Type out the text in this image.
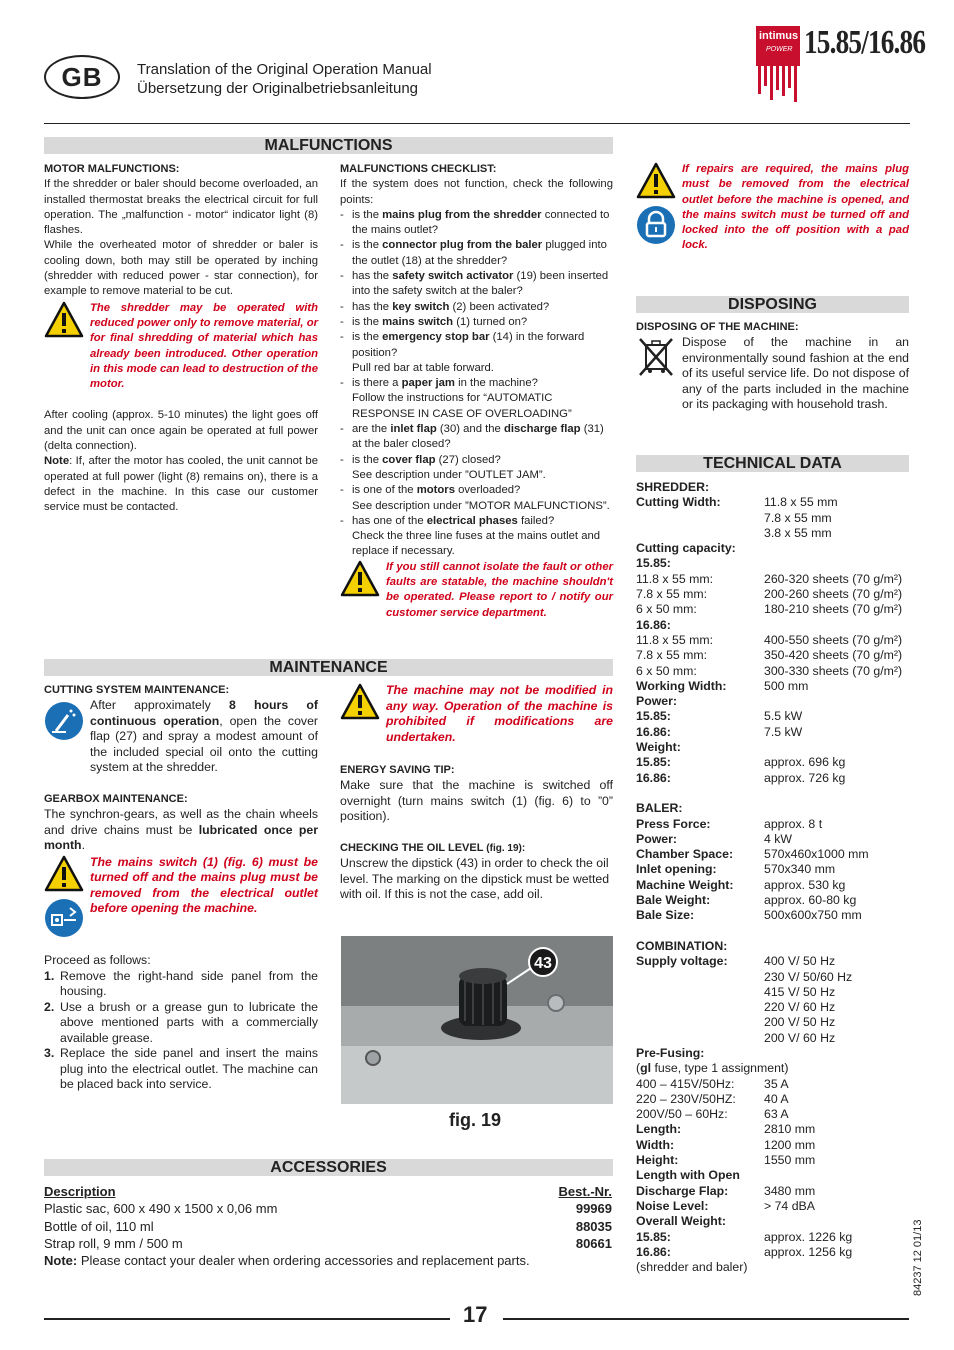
GB	Translation of the Original Operation Manual
Übersetzung der Originalbetriebsanleitung
intimus
POWER 15.85/16.86
MALFUNCTIONS

MOTOR MALFUNCTIONS:

If the shredder or baler should become overloaded, an installed thermostat breaks the electrical circuit for full operation. The „malfunction - motor“ indicator light (8) flashes.

While the overheated motor of shredder or baler is cooling down, both may still be operated by inching (shredder with reduced power - star connection), for example to remove material to be cut.

The shredder may be operated with reduced power only to remove material, or for final shredding of material which has already been introduced. Other operation in this mode can lead to destruction of the motor.

After cooling (approx. 5-10 minutes) the light goes off and the unit can once again be operated at full power (delta connection).

Note: If, after the motor has cooled, the unit cannot be operated at full power (light (8) remains on), there is a defect in the machine. In this case our customer service must be contacted.

MALFUNCTIONS CHECKLIST:

If the system does not function, check the following points:

- is the mains plug from the shredder connected to the mains outlet?
- is the connector plug from the baler plugged into the outlet (18) at the shredder?
- has the safety switch activator (19) been inserted into the safety switch at the baler?
- has the key switch (2) been activated?
- is the mains switch (1) turned on?
- is the emergency stop bar (14) in the forward position?
Pull red bar at table forward.
- is there a paper jam in the machine?
Follow the instructions for “AUTOMATIC RESPONSE IN CASE OF OVERLOADING”
- are the inlet flap (30) and the discharge flap (31) at the baler closed?
- is the cover flap (27) closed?
See description under ”OUTLET JAM”.
- is one of the motors overloaded?
See description under ”MOTOR MALFUNCTIONS”.
- has one of the electrical phases failed?
Check the three line fuses at the mains outlet and replace if necessary.

If you still cannot isolate the fault or other faults are statable, the machine shouldn't be operated. Please report to / notify our customer service department.

If repairs are required, the mains plug must be removed from the electrical outlet before the machine is opened, and the mains switch must be turned off and locked into the off position with a pad lock.

DISPOSING

DISPOSING OF THE MACHINE:

Dispose of the machine in an environmentally sound fashion at the end of its useful service life. Do not dispose of any of the parts included in the machine or its packaging with household trash.

TECHNICAL DATA
SHREDDER:
Cutting Width:	11.8 x 55 mm

7.8 x 55 mm

3.8 x 55 mm
Cutting capacity:
15.85:
11.8 x 55 mm:	260-320 sheets (70 g/m²)
7.8 x 55 mm:	200-260 sheets (70 g/m²)
6 x 50 mm:	180-210 sheets (70 g/m²)
16.86:
11.8 x 55 mm:	400-550 sheets (70 g/m²)
7.8 x 55 mm:	350-420 sheets (70 g/m²)
6 x 50 mm:	300-330 sheets (70 g/m²)
Working Width:	500 mm
Power:
15.85:	5.5 kW
16.86:	7.5 kW
Weight:
15.85:	approx. 696 kg
16.86:	approx. 726 kg

BALER:
Press Force:	approx. 8 t
Power:	4 kW
Chamber Space:	570x460x1000 mm
Inlet opening:	570x340 mm
Machine Weight:	approx. 530 kg
Bale Weight:	approx. 60-80 kg
Bale Size:	500x600x750 mm

COMBINATION:
Supply voltage:	400 V/ 50 Hz

230 V/ 50/60 Hz

415 V/ 50 Hz

220 V/ 60 Hz

200 V/ 50 Hz

200 V/ 60 Hz
Pre-Fusing:
(gl fuse, type 1 assignment)
400 – 415V/50Hz:	35 A
220 – 230V/50HZ:	40 A
200V/50 – 60Hz:	63 A
Length:	2810 mm
Width:	1200 mm
Height:	1550 mm
Length with Open
Discharge Flap:	3480 mm
Noise Level:	> 74 dBA
Overall Weight:
15.85:	approx. 1226 kg
16.86:	approx. 1256 kg
(shredder and baler)
MAINTENANCE

CUTTING SYSTEM MAINTENANCE:

After approximately 8 hours of continuous operation, open the cover flap (27) and spray a modest amount of the included special oil onto the cutting system at the shredder.

GEARBOX MAINTENANCE:

The synchron-gears, as well as the chain wheels and drive chains must be lubricated once per month.

The mains switch (1) (fig. 6) must be turned off and the mains plug must be removed from the electrical outlet before opening the machine.

Proceed as follows:

1. Remove the right-hand side panel from the housing.
2. Use a brush or a grease gun to lubricate the above mentioned parts with a commercially available grease.
3. Replace the side panel and insert the mains plug into the electrical outlet. The machine can be placed back into service.

The machine may not be modified in any way. Operation of the machine is prohibited if modifications are undertaken.

ENERGY SAVING TIP:

Make sure that the machine is switched off overnight (turn mains switch (1) (fig. 6) to ”0” position).

CHECKING THE OIL LEVEL (fig. 19):

Unscrew the dipstick (43) in order to check the oil level. The marking on the dipstick must be wetted with oil. If this is not the case, add oil.

43
fig. 19
ACCESSORIES
Description	Best.-Nr.
Plastic sac, 600 x 490 x 1500 x 0,06 mm	99969
Bottle of oil, 110 ml	88035
Strap roll, 9 mm / 500 m	80661
Note: Please contact your dealer when ordering accessories and replacement parts.
17
84237 12 01/13
